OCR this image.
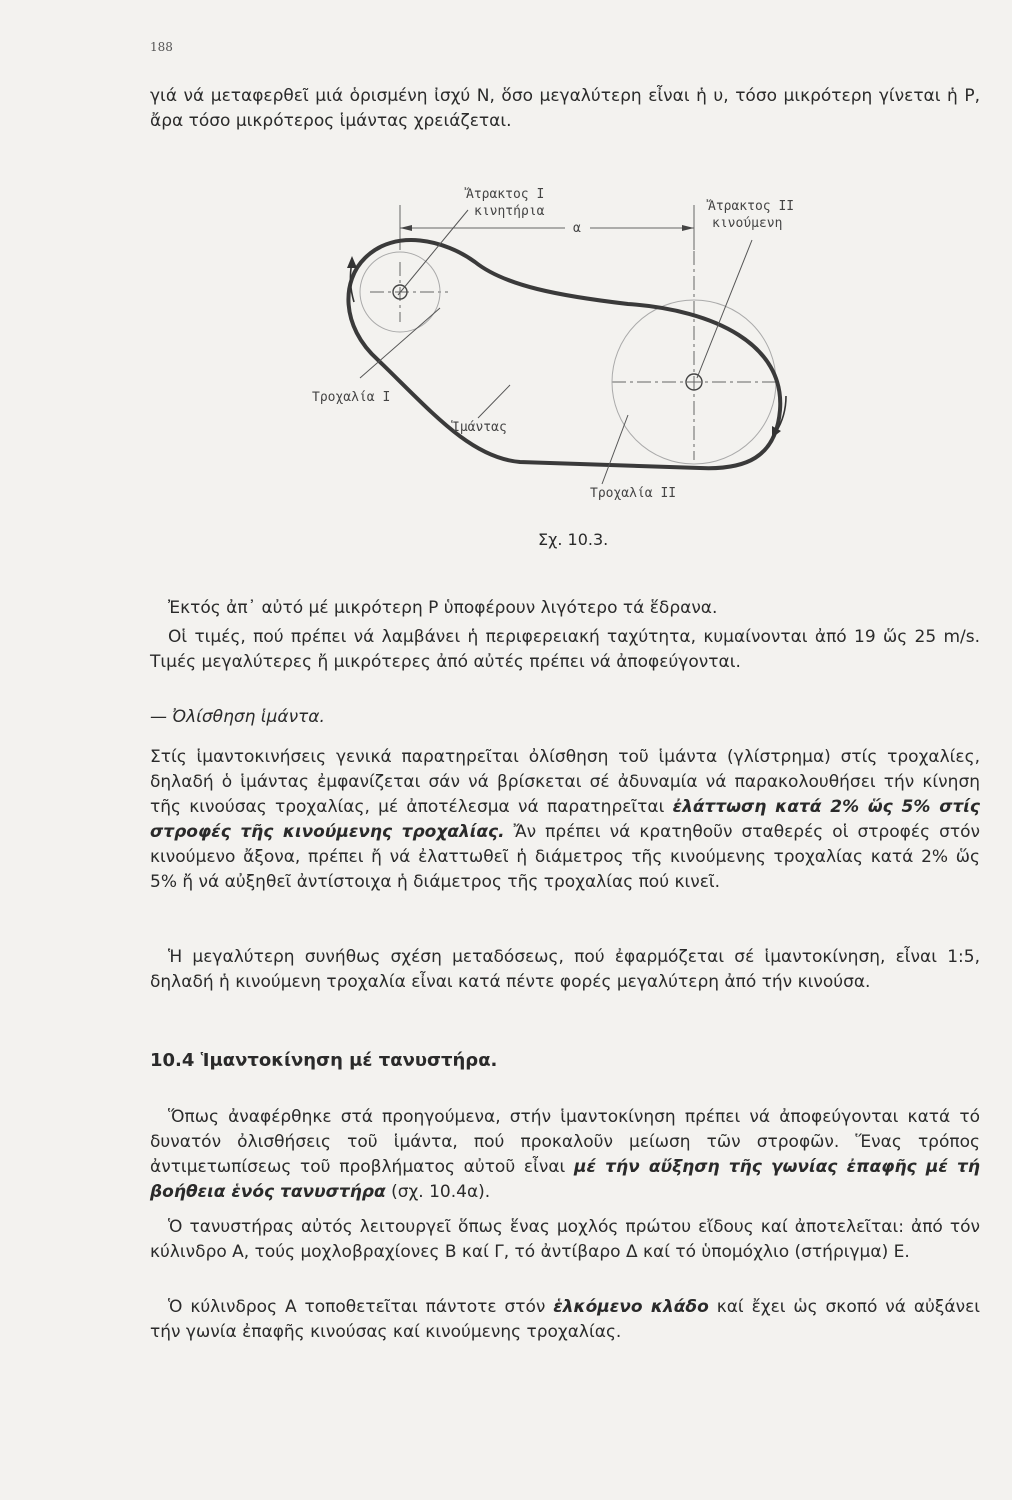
188

γιά νά μεταφερθεῖ μιά ὁρισμένη ἰσχύ N, ὅσο μεγαλύτερη εἶναι ἡ υ, τόσο μικρότερη γίνεται ἡ P, ἄρα τόσο μικρότερος ἱμάντας χρειάζεται.

Ἄτρακτος I
κινητήρια
α
Ἄτρακτος II
κινούμενη
Τροχαλία I
Ἱμάντας
Τροχαλία II
Σχ. 10.3.

Ἐκτός ἀπ᾽ αὐτό μέ μικρότερη P ὑποφέρουν λιγότερο τά ἕδρανα.

Οἱ τιμές, πού πρέπει νά λαμβάνει ἡ περιφερειακή ταχύτητα, κυμαίνονται ἀπό 19 ὥς 25 m/s. Τιμές μεγαλύτερες ἤ μικρότερες ἀπό αὐτές πρέπει νά ἀποφεύγονται.

— Ὀλίσθηση ἱμάντα.

Στίς ἱμαντοκινήσεις γενικά παρατηρεῖται ὀλίσθηση τοῦ ἱμάντα (γλίστρημα) στίς τροχαλίες, δηλαδή ὁ ἱμάντας ἐμφανίζεται σάν νά βρίσκεται σέ ἀδυναμία νά παρακολουθήσει τήν κίνηση τῆς κινούσας τροχαλίας, μέ ἀποτέλεσμα νά παρατηρεῖται ἐλάττωση κατά 2% ὥς 5% στίς στροφές τῆς κινούμενης τροχαλίας. Ἄν πρέπει νά κρατηθοῦν σταθερές οἱ στροφές στόν κινούμενο ἄξονα, πρέπει ἤ νά ἐλαττωθεῖ ἡ διάμετρος τῆς κινούμενης τροχαλίας κατά 2% ὥς 5% ἤ νά αὐξηθεῖ ἀντίστοιχα ἡ διάμετρος τῆς τροχαλίας πού κινεῖ.

Ἡ μεγαλύτερη συνήθως σχέση μεταδόσεως, πού ἐφαρμόζεται σέ ἱμαντοκίνηση, εἶναι 1:5, δηλαδή ἡ κινούμενη τροχαλία εἶναι κατά πέντε φορές μεγαλύτερη ἀπό τήν κινούσα.

10.4 Ἱμαντοκίνηση μέ τανυστήρα.

Ὅπως ἀναφέρθηκε στά προηγούμενα, στήν ἱμαντοκίνηση πρέπει νά ἀποφεύγονται κατά τό δυνατόν ὀλισθήσεις τοῦ ἱμάντα, πού προκαλοῦν μείωση τῶν στροφῶν. Ἕνας τρόπος ἀντιμετωπίσεως τοῦ προβλήματος αὐτοῦ εἶναι μέ τήν αὔξηση τῆς γωνίας ἐπαφῆς μέ τή βοήθεια ἑνός τανυστήρα (σχ. 10.4α).

Ὁ τανυστήρας αὐτός λειτουργεῖ ὅπως ἕνας μοχλός πρώτου εἴδους καί ἀποτελεῖται: ἀπό τόν κύλινδρο Α, τούς μοχλοβραχίονες Β καί Γ, τό ἀντίβαρο Δ καί τό ὑπομόχλιο (στήριγμα) Ε.

Ὁ κύλινδρος Α τοποθετεῖται πάντοτε στόν ἑλκόμενο κλάδο καί ἔχει ὡς σκοπό νά αὐξάνει τήν γωνία ἐπαφῆς κινούσας καί κινούμενης τροχαλίας.
